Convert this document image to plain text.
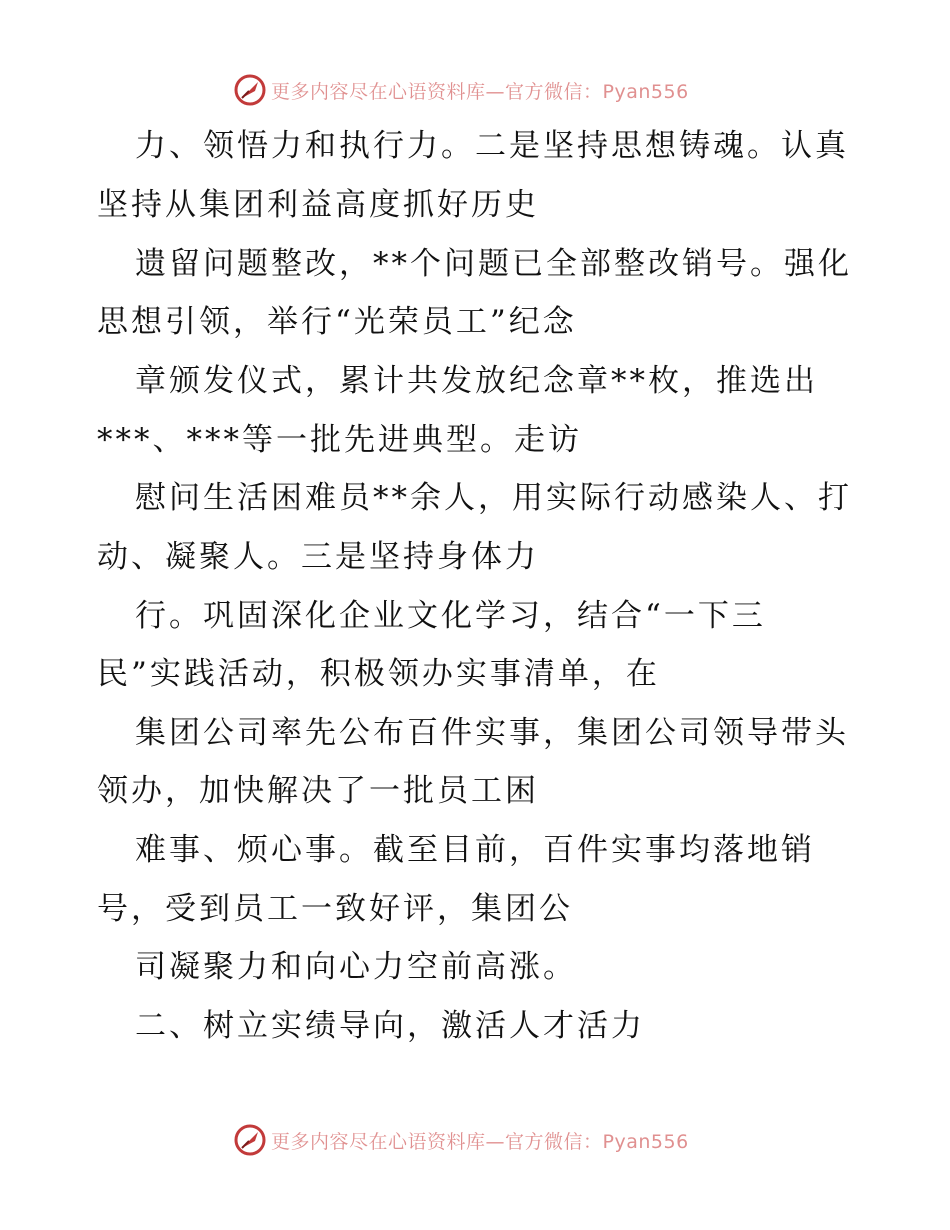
更多内容尽在心语资料库—官方微信：Pyan556
力、领悟力和执行力。二是坚持思想铸魂。认真
坚持从集团利益高度抓好历史
遗留问题整改，**个问题已全部整改销号。强化
思想引领，举行“光荣员工”纪念
章颁发仪式，累计共发放纪念章**枚，推选出
***、***等一批先进典型。走访
慰问生活困难员**余人，用实际行动感染人、打
动、凝聚人。三是坚持身体力
行。巩固深化企业文化学习，结合“一下三
民”实践活动，积极领办实事清单，在
集团公司率先公布百件实事，集团公司领导带头
领办，加快解决了一批员工困
难事、烦心事。截至目前，百件实事均落地销
号，受到员工一致好评，集团公
司凝聚力和向心力空前高涨。
二、树立实绩导向，激活人才活力
更多内容尽在心语资料库—官方微信：Pyan556
